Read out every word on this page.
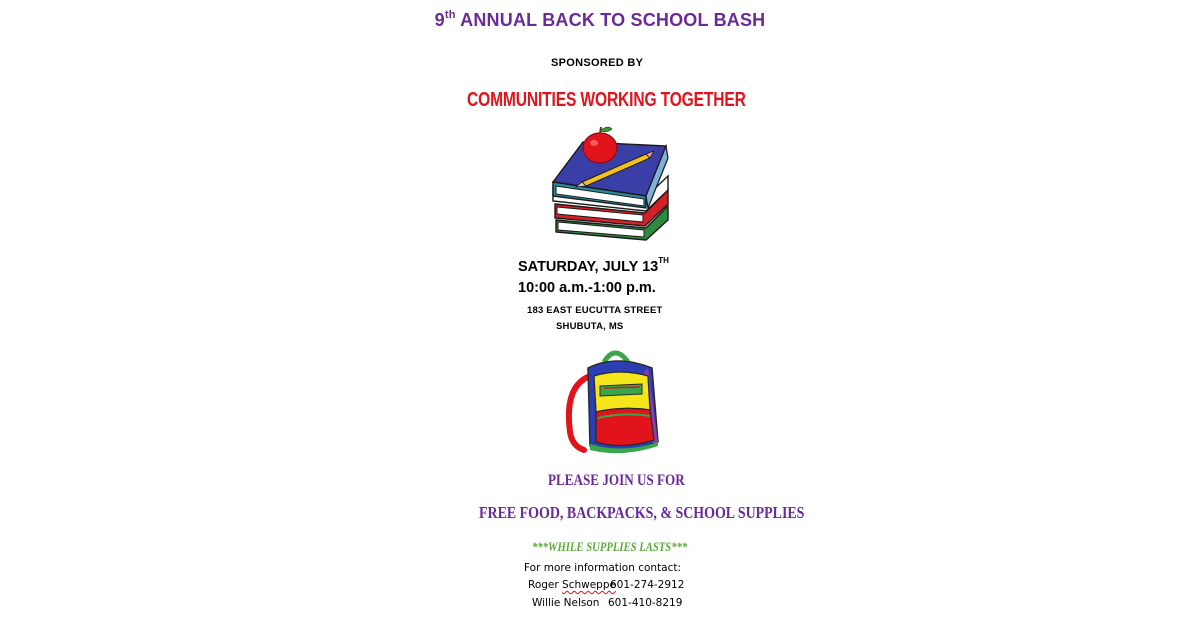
9th ANNUAL BACK TO SCHOOL BASH
SPONSORED BY
COMMUNITIES WORKING TOGETHER
SATURDAY, JULY 13TH
10:00 a.m.-1:00 p.m.
183 EAST EUCUTTA STREET
SHUBUTA, MS
PLEASE JOIN US FOR
FREE FOOD, BACKPACKS, & SCHOOL SUPPLIES
***WHILE SUPPLIES LASTS***
For more information contact:
Roger Schweppe601-274-2912
Willie Nelson 601-410-8219
